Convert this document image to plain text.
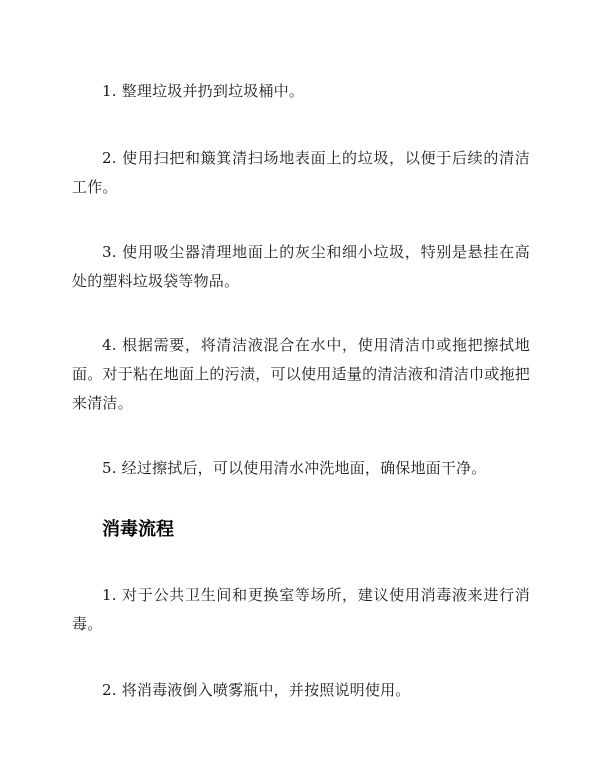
1. 整理垃圾并扔到垃圾桶中。

2. 使用扫把和簸箕清扫场地表面上的垃圾，以便于后续的清洁工作。

3. 使用吸尘器清理地面上的灰尘和细小垃圾，特别是悬挂在高处的塑料垃圾袋等物品。

4. 根据需要，将清洁液混合在水中，使用清洁巾或拖把擦拭地面。对于粘在地面上的污渍，可以使用适量的清洁液和清洁巾或拖把来清洁。

5. 经过擦拭后，可以使用清水冲洗地面，确保地面干净。

消毒流程

1. 对于公共卫生间和更换室等场所，建议使用消毒液来进行消毒。

2. 将消毒液倒入喷雾瓶中，并按照说明使用。
